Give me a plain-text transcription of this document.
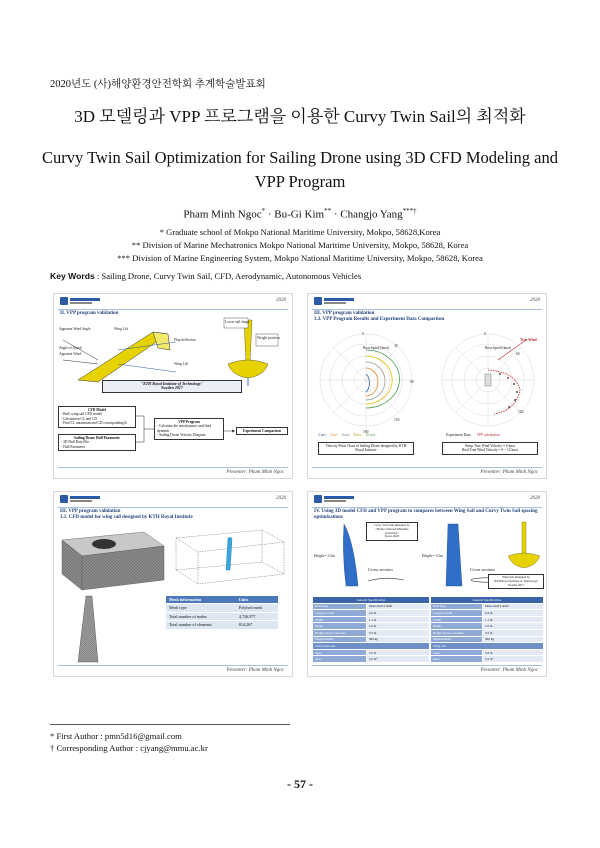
2020년도 (사)해양환경안전학회 추계학술발표회
3D 모델링과 VPP 프로그램을 이용한 Curvy Twin Sail의 최적화
Curvy Twin Sail Optimization for Sailing Drone using 3D CFD Modeling and VPP Program
Pham Minh Ngoc* · Bu-Gi Kim** · Changjo Yang***†
* Graduate school of Mokpo National Maritime University, Mokpo, 58628,Korea
** Division of Marine Mechatronics Mokpo National Maritime University, Mokpo, 58628, Korea
*** Division of Marine Engineering System, Mokpo National Maritime University, Mokpo, 58628, Korea
Key Words : Sailing Drone, Curvy Twin Sail, CFD, Aerodynamic, Autonomous Vehicles
2020
II. VPP program validation
Apparent Wind Angle
Angle of Attack
Apparent Wind
Wing Lift
Flap deflection
Wing Lift
Lower sail shape
Weight position
"KTH Royal Institute of Technology"
Sweden 2017
CFD Model
- Built wing sail CFD model
- Calculation CL and CD
- Find CL maximum and CD corresponding/k
Sailing Drone Hull Parameter
- 3D Hull Data File
- Hull Parameter
VPP Program
- Calculate the aerodynamic and fluid dynamic
- Sailing Drone Velocity Diagram
Experiment Comparison
Presenter: Pham Minh Ngoc
2020
III. VPP program validation
3.3. VPP Program Results and Experiment Data Comparison
0
30
90
150
180
Boat Speed (knot)
True Wind
Boat Speed (knot)
0
60
120
2 m/s 4 m/s 6 m/s 8 m/s 10 m/s	Experiment Data VPP calculation
Velocity Polar Chart of Sailing Drone designed by KTH
Royal Institute
Setup True Wind Velocity = 6 knot
Real True Wind Velocity = 8 ~ 12 knot
Presenter: Pham Minh Ngoc
2020
III. VPP program validation
3.1. CFD model for wing sail designed by KTH Royal Institute
Mesh information	Units
Mesh type	Polyhed mesh
Total number of nodes	4,726,977
Total number of elements	814,267
Presenter: Pham Minh Ngoc
2020
IV. Using 3D model CFD and VPP program to compares between Wing Sail and Curvy Twin Sail spacing optimizations
Height = 3.5m
Curvy Twin Sail Designed by
"Mokpo National Maritime University"
Korea 2020
Cross section
Height = 3.5m
Cross section
Wing Sail Designed by
"KTH Royal Institute of Technology"
Sweden 2017
General Specification	
Hull Type	Mono hull 2 shaft
Length overall	4.2 m
Width	1.1 m
Depth	1.0 m
Height above waterline	3.5 m
Displacement	300 kg
Curvy twin sail	
Span	3.5 m
Area	3.2 m²
General Specification	
Hull Type	Mono hull 2 shaft
Length overall	4.2 m
Width	1.1 m
Depth	1.0 m
Height above waterline	3.5 m
Displacement	300 kg
Wing sail	
Span	3.5 m
Area	3.2 m²
Presenter: Pham Minh Ngoc
* First Author : pmn5d16@gmail.com
† Corresponding Author : cjyang@mmu.ac.kr
- 57 -
